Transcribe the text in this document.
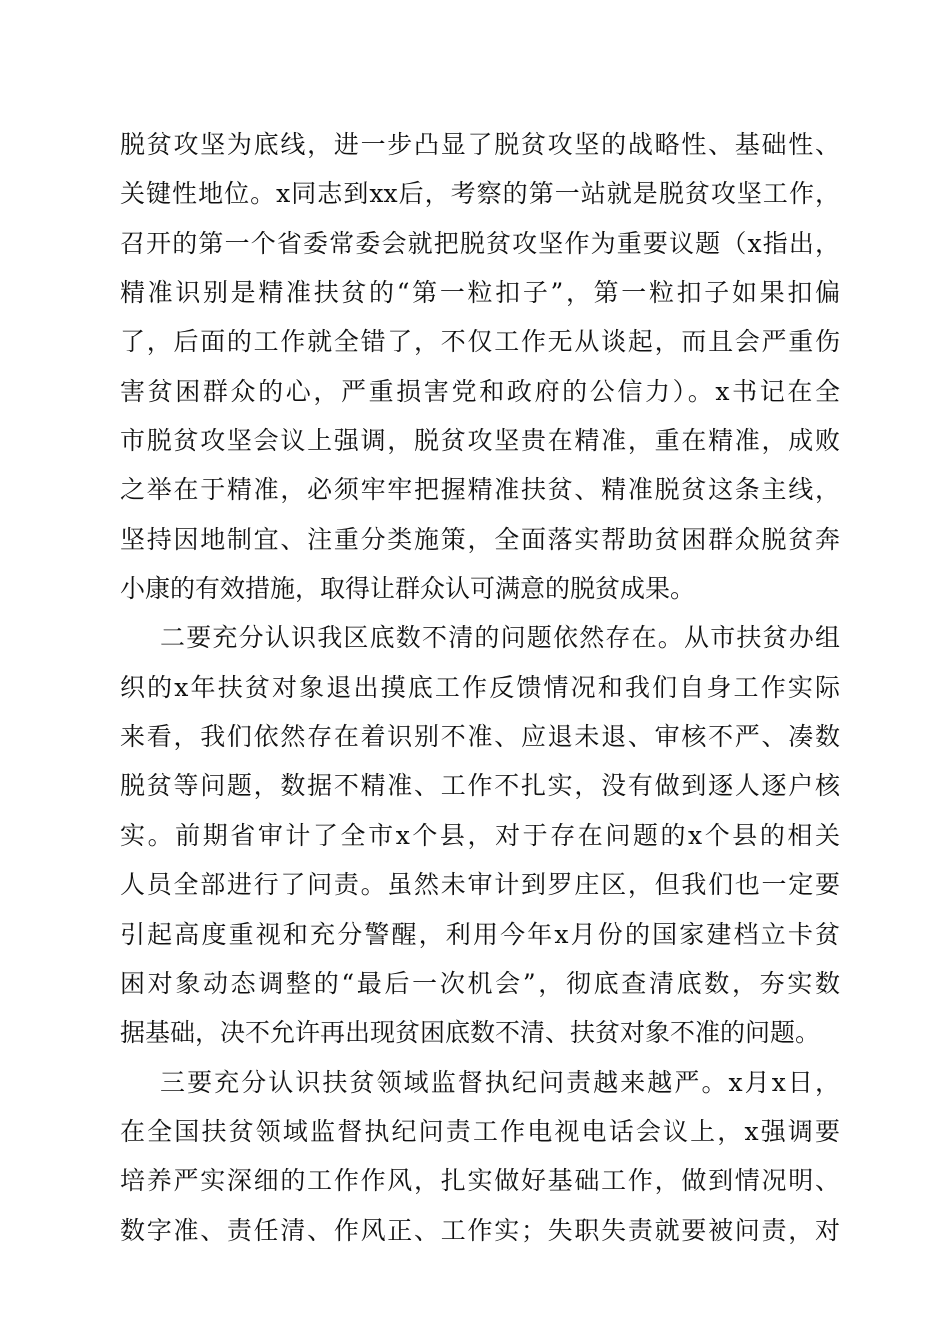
脱贫攻坚为底线，进一步凸显了脱贫攻坚的战略性、基础性、
关键性地位。x同志到xx后，考察的第一站就是脱贫攻坚工作，
召开的第一个省委常委会就把脱贫攻坚作为重要议题（x指出，
精准识别是精准扶贫的“第一粒扣子”，第一粒扣子如果扣偏
了，后面的工作就全错了，不仅工作无从谈起，而且会严重伤
害贫困群众的心，严重损害党和政府的公信力）。x书记在全
市脱贫攻坚会议上强调，脱贫攻坚贵在精准，重在精准，成败
之举在于精准，必须牢牢把握精准扶贫、精准脱贫这条主线，
坚持因地制宜、注重分类施策，全面落实帮助贫困群众脱贫奔
小康的有效措施，取得让群众认可满意的脱贫成果。
二要充分认识我区底数不清的问题依然存在。从市扶贫办组
织的x年扶贫对象退出摸底工作反馈情况和我们自身工作实际
来看，我们依然存在着识别不准、应退未退、审核不严、凑数
脱贫等问题，数据不精准、工作不扎实，没有做到逐人逐户核
实。前期省审计了全市x个县，对于存在问题的x个县的相关
人员全部进行了问责。虽然未审计到罗庄区，但我们也一定要
引起高度重视和充分警醒，利用今年x月份的国家建档立卡贫
困对象动态调整的“最后一次机会”，彻底查清底数，夯实数
据基础，决不允许再出现贫困底数不清、扶贫对象不准的问题。
三要充分认识扶贫领域监督执纪问责越来越严。x月x日，
在全国扶贫领域监督执纪问责工作电视电话会议上，x强调要
培养严实深细的工作作风，扎实做好基础工作，做到情况明、
数字准、责任清、作风正、工作实；失职失责就要被问责，对
